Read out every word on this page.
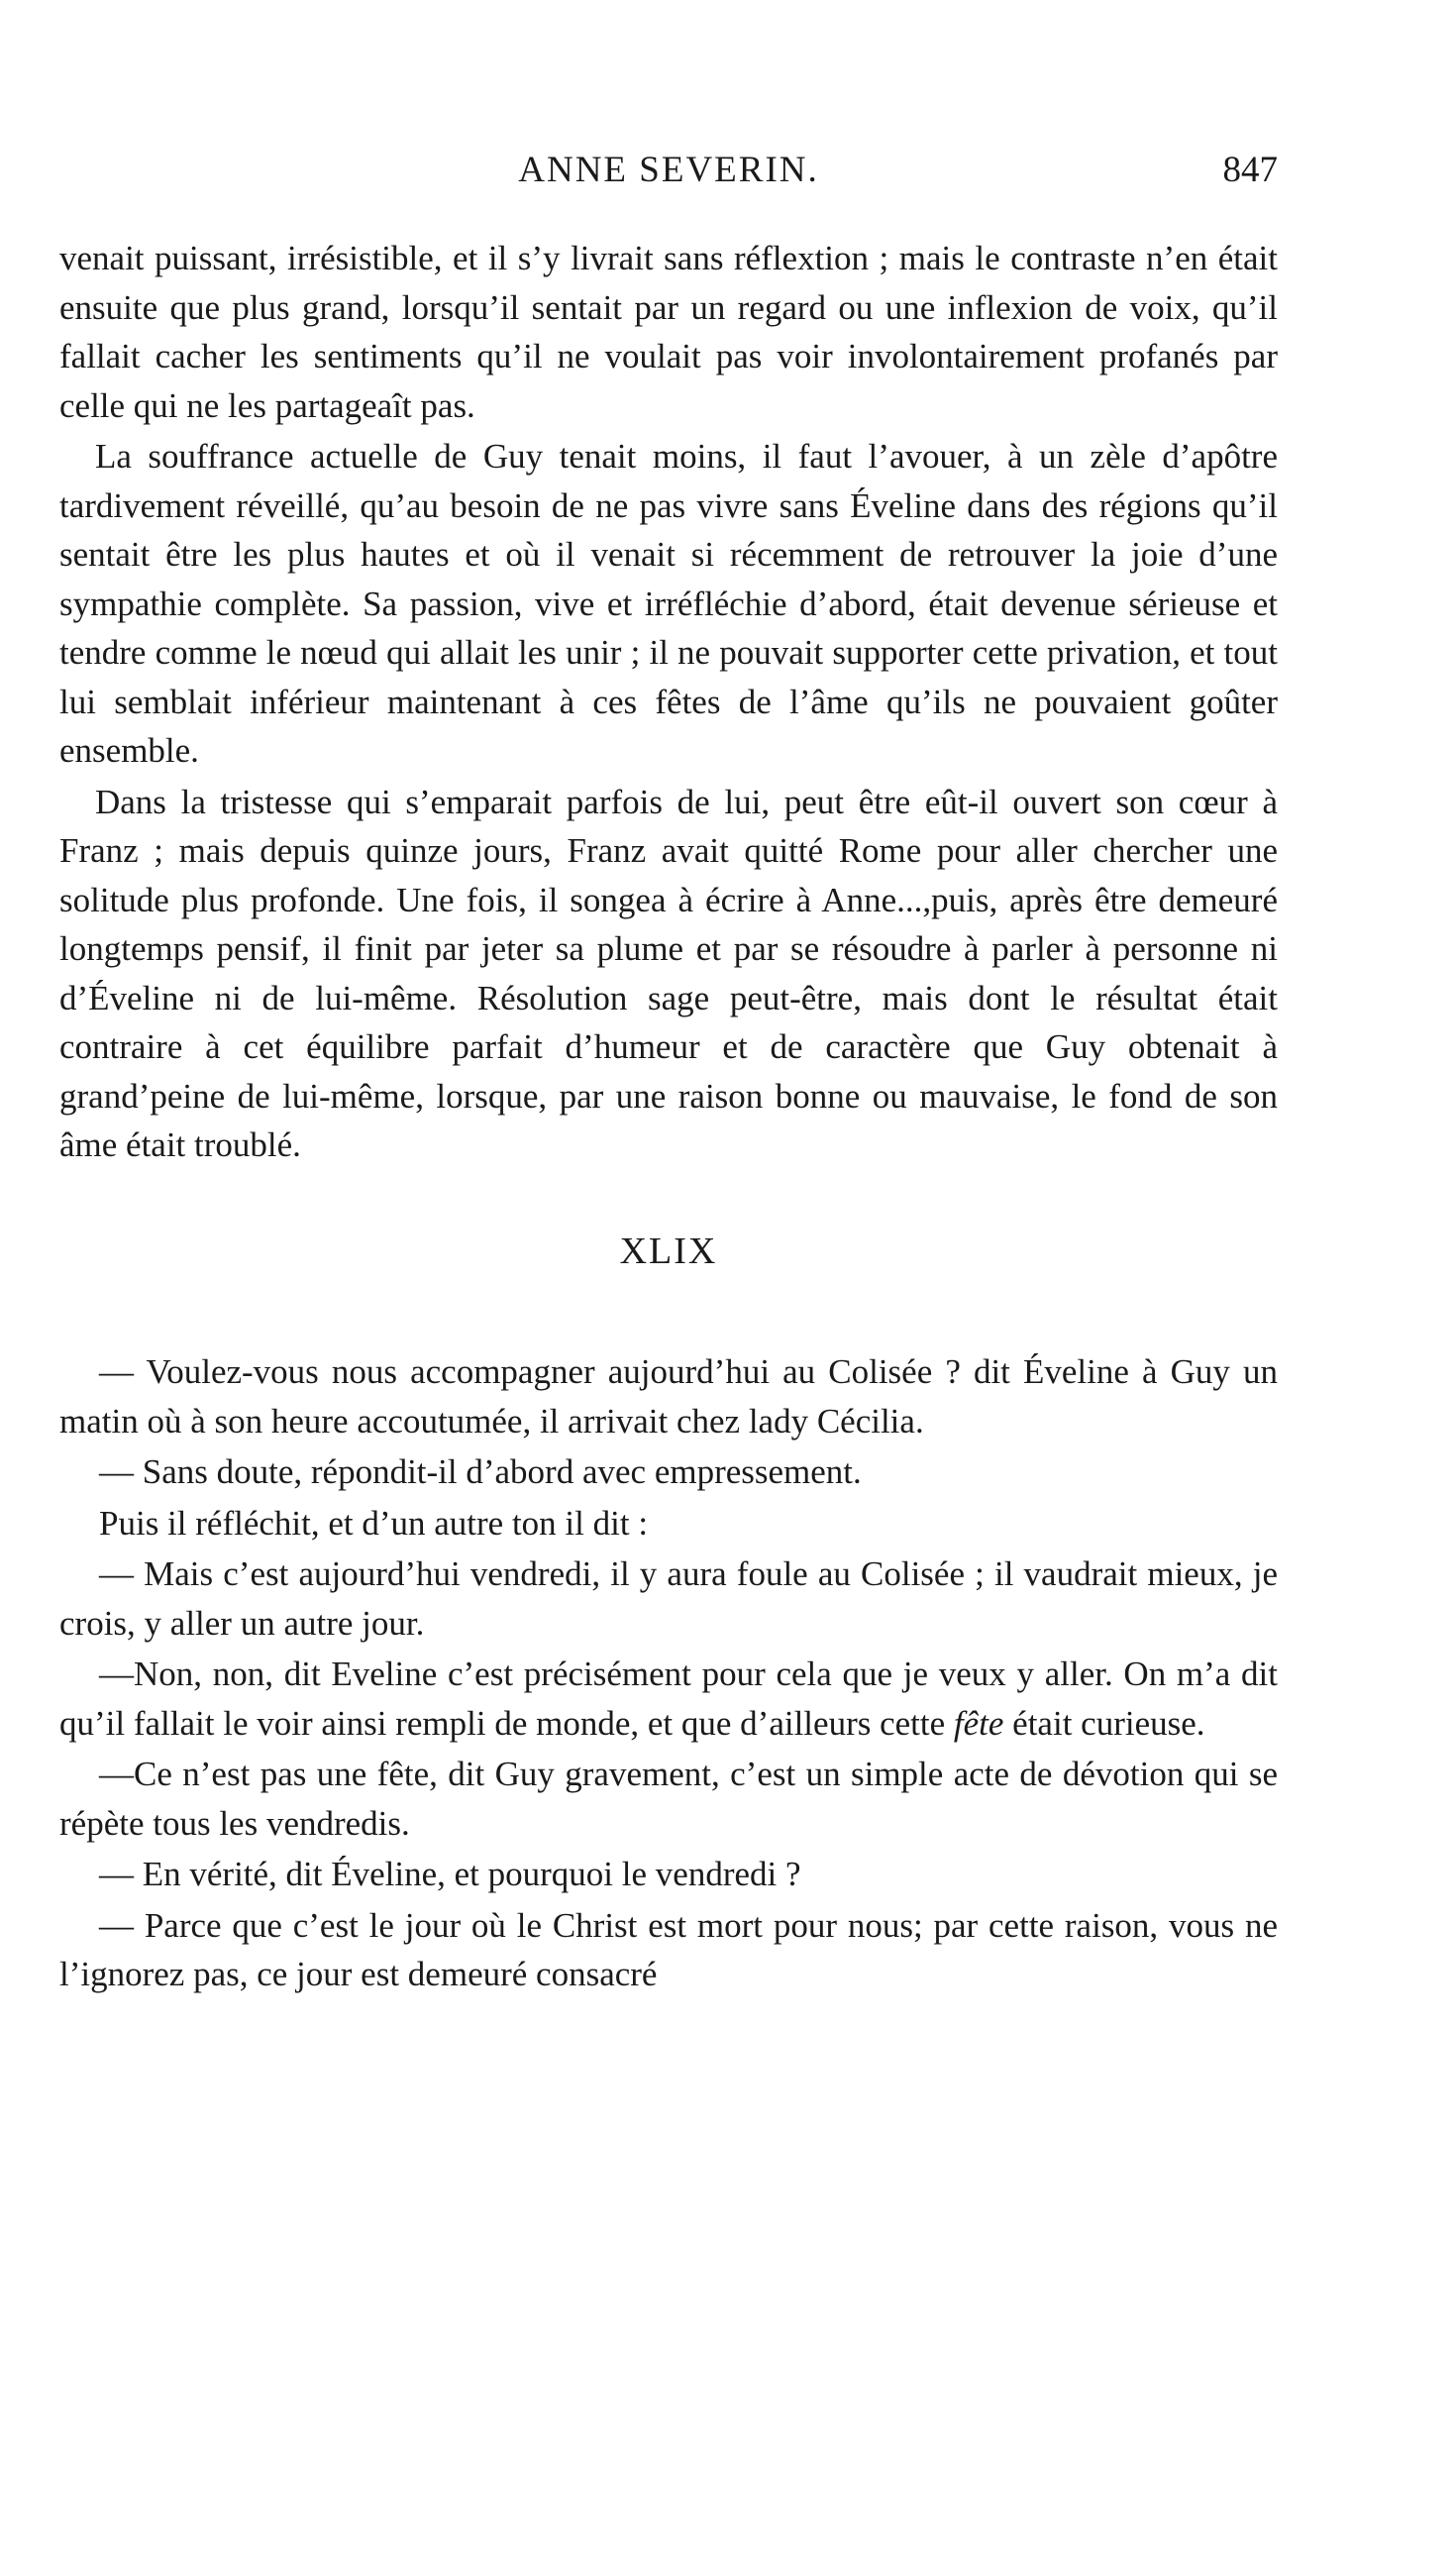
ANNE SEVERIN.	847

venait puissant, irrésistible, et il s’y livrait sans réflextion ; mais le contraste n’en était ensuite que plus grand, lorsqu’il sentait par un regard ou une inflexion de voix, qu’il fallait cacher les sentiments qu’il ne voulait pas voir involontairement profanés par celle qui ne les partageaît pas.

La souffrance actuelle de Guy tenait moins, il faut l’avouer, à un zèle d’apôtre tardivement réveillé, qu’au besoin de ne pas vivre sans Éveline dans des régions qu’il sentait être les plus hautes et où il venait si récemment de retrouver la joie d’une sympathie complète. Sa passion, vive et irréfléchie d’abord, était devenue sérieuse et tendre comme le nœud qui allait les unir ; il ne pouvait supporter cette privation, et tout lui semblait inférieur maintenant à ces fêtes de l’âme qu’ils ne pouvaient goûter ensemble.

Dans la tristesse qui s’emparait parfois de lui, peut être eût-il ouvert son cœur à Franz ; mais depuis quinze jours, Franz avait quitté Rome pour aller chercher une solitude plus profonde. Une fois, il songea à écrire à Anne...,puis, après être demeuré longtemps pensif, il finit par jeter sa plume et par se résoudre à parler à personne ni d’Éveline ni de lui-même. Résolution sage peut-être, mais dont le résultat était contraire à cet équilibre parfait d’humeur et de caractère que Guy obtenait à grand’peine de lui-même, lorsque, par une raison bonne ou mauvaise, le fond de son âme était troublé.

XLIX

— Voulez-vous nous accompagner aujourd’hui au Colisée ? dit Éveline à Guy un matin où à son heure accoutumée, il arrivait chez lady Cécilia.

— Sans doute, répondit-il d’abord avec empressement.

Puis il réfléchit, et d’un autre ton il dit :

— Mais c’est aujourd’hui vendredi, il y aura foule au Colisée ; il vaudrait mieux, je crois, y aller un autre jour.

—Non, non, dit Eveline c’est précisément pour cela que je veux y aller. On m’a dit qu’il fallait le voir ainsi rempli de monde, et que d’ailleurs cette fête était curieuse.

—Ce n’est pas une fête, dit Guy gravement, c’est un simple acte de dévotion qui se répète tous les vendredis.

— En vérité, dit Éveline, et pourquoi le vendredi ?

— Parce que c’est le jour où le Christ est mort pour nous; par cette raison, vous ne l’ignorez pas, ce jour est demeuré consacré
